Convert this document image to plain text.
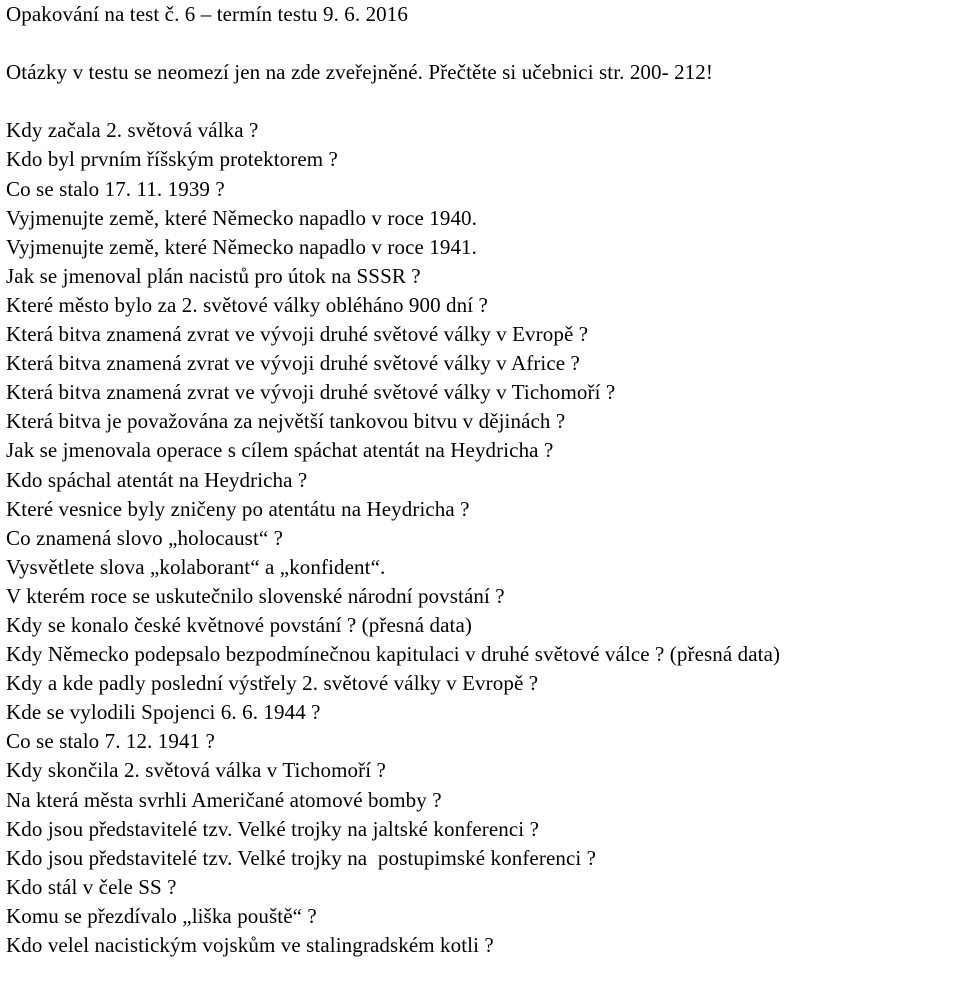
Opakování na test č. 6 – termín testu 9. 6. 2016
Otázky v testu se neomezí jen na zde zveřejněné. Přečtěte si učebnici str. 200- 212!
Kdy začala 2. světová válka ?
Kdo byl prvním říšským protektorem ?
Co se stalo 17. 11. 1939 ?
Vyjmenujte země, které Německo napadlo v roce 1940.
Vyjmenujte země, které Německo napadlo v roce 1941.
Jak se jmenoval plán nacistů pro útok na SSSR ?
Které město bylo za 2. světové války obléháno 900 dní ?
Která bitva znamená zvrat ve vývoji druhé světové války v Evropě ?
Která bitva znamená zvrat ve vývoji druhé světové války v Africe ?
Která bitva znamená zvrat ve vývoji druhé světové války v Tichomoří ?
Která bitva je považována za největší tankovou bitvu v dějinách ?
Jak se jmenovala operace s cílem spáchat atentát na Heydricha ?
Kdo spáchal atentát na Heydricha ?
Které vesnice byly zničeny po atentátu na Heydricha ?
Co znamená slovo „holocaust“ ?
Vysvětlete slova „kolaborant“ a „konfident“.
V kterém roce se uskutečnilo slovenské národní povstání ?
Kdy se konalo české květnové povstání ? (přesná data)
Kdy Německo podepsalo bezpodmínečnou kapitulaci v druhé světové válce ? (přesná data)
Kdy a kde padly poslední výstřely 2. světové války v Evropě ?
Kde se vylodili Spojenci 6. 6. 1944 ?
Co se stalo 7. 12. 1941 ?
Kdy skončila 2. světová válka v Tichomoří ?
Na která města svrhli Američané atomové bomby ?
Kdo jsou představitelé tzv. Velké trojky na jaltské konferenci ?
Kdo jsou představitelé tzv. Velké trojky na  postupimské konferenci ?
Kdo stál v čele SS ?
Komu se přezdívalo „liška pouště“ ?
Kdo velel nacistickým vojskům ve stalingradském kotli ?
